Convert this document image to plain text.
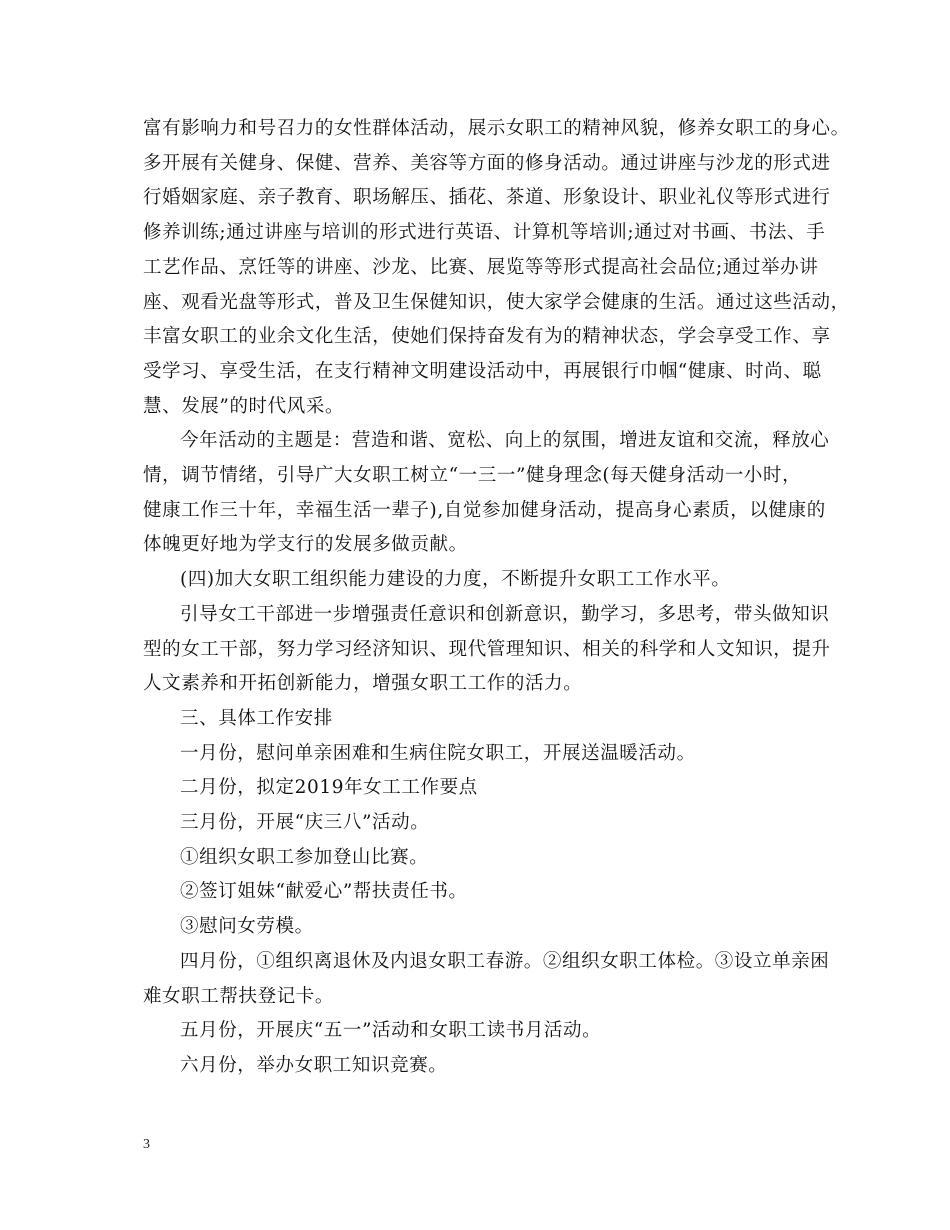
富有影响力和号召力的女性群体活动，展示女职工的精神风貌，修养女职工的身心。
多开展有关健身、保健、营养、美容等方面的修身活动。通过讲座与沙龙的形式进
行婚姻家庭、亲子教育、职场解压、插花、茶道、形象设计、职业礼仪等形式进行
修养训练;通过讲座与培训的形式进行英语、计算机等培训;通过对书画、书法、手
工艺作品、烹饪等的讲座、沙龙、比赛、展览等等形式提高社会品位;通过举办讲
座、观看光盘等形式，普及卫生保健知识，使大家学会健康的生活。通过这些活动，
丰富女职工的业余文化生活，使她们保持奋发有为的精神状态，学会享受工作、享
受学习、享受生活，在支行精神文明建设活动中，再展银行巾帼“健康、时尚、聪
慧、发展”的时代风采。

今年活动的主题是：营造和谐、宽松、向上的氛围，增进友谊和交流，释放心
情，调节情绪，引导广大女职工树立“一三一”健身理念(每天健身活动一小时，
健康工作三十年，幸福生活一辈子),自觉参加健身活动，提高身心素质，以健康的
体魄更好地为学支行的发展多做贡献。

(四)加大女职工组织能力建设的力度，不断提升女职工工作水平。

引导女工干部进一步增强责任意识和创新意识，勤学习，多思考，带头做知识
型的女工干部，努力学习经济知识、现代管理知识、相关的科学和人文知识，提升
人文素养和开拓创新能力，增强女职工工作的活力。

三、具体工作安排

一月份，慰问单亲困难和生病住院女职工，开展送温暖活动。

二月份，拟定2019年女工工作要点

三月份，开展“庆三八”活动。

①组织女职工参加登山比赛。

②签订姐妹“献爱心”帮扶责任书。

③慰问女劳模。

四月份，①组织离退休及内退女职工春游。②组织女职工体检。③设立单亲困
难女职工帮扶登记卡。

五月份，开展庆“五一”活动和女职工读书月活动。

六月份，举办女职工知识竞赛。

3
